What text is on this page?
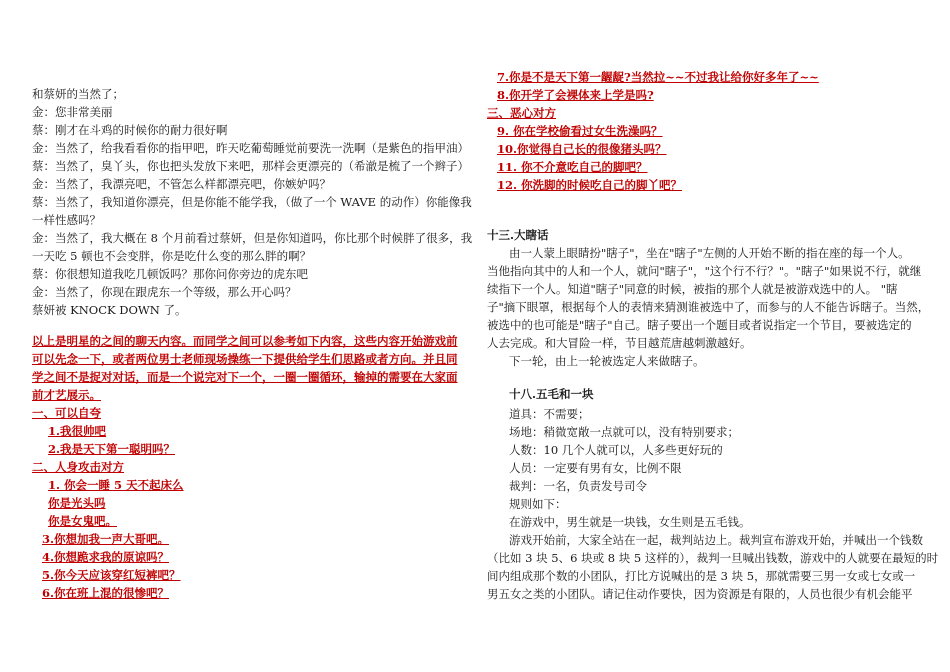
和蔡妍的当然了；
金：您非常美丽
蔡：刚才在斗鸡的时候你的耐力很好啊
金：当然了，给我看看你的指甲吧，昨天吃葡萄睡觉前要洗一洗啊（是紫色的指甲油）
蔡：当然了，臭丫头，你也把头发放下来吧，那样会更漂亮的（希澈是梳了一个辫子）
金：当然了，我漂亮吧，不管怎么样都漂亮吧，你嫉妒吗？
蔡：当然了，我知道你漂亮，但是你能不能学我，（做了一个 WAVE 的动作）你能像我
一样性感吗？
金：当然了，我大概在 8 个月前看过蔡妍，但是你知道吗，你比那个时候胖了很多，我
一天吃 5 顿也不会变胖，你是吃什么变的那么胖的啊？
蔡：你很想知道我吃几顿饭吗？那你问你旁边的虎东吧
金：当然了，你现在跟虎东一个等级，那么开心吗？
蔡妍被 KNOCK DOWN 了。
以上是明星的之间的聊天内容。而同学之间可以参考如下内容，这些内容开始游戏前
可以先念一下，或者两位男士老师现场操练一下提供给学生们思路或者方向。并且同
学之间不是捉对对话，而是一个说完对下一个，一圈一圈循环，输掉的需要在大家面
前才艺展示。
一、可以自夸
1.我很帅吧
2.我是天下第一聪明吗？
二、人身攻击对方
1. 你会一睡 5 天不起床么
你是光头吗
你是女鬼吧。
3.你想加我一声大哥吧。
4.你想跪求我的原谅吗？
5.你今天应该穿红短裤吧？
6.你在班上混的很惨吧？
7.你是不是天下第一龌龊?当然拉~~不过我让给你好多年了~~
8.你开学了会裸体来上学是吗?
三、恶心对方
9. 你在学校偷看过女生洗澡吗？
10.你觉得自己长的很像猪头吗？
11. 你不介意吃自己的脚吧？
12. 你洗脚的时候吃自己的脚丫吧？
十三.大瞎话
由一人蒙上眼睛扮"瞎子"，坐在"瞎子"左侧的人开始不断的指在座的每一个人。
当他指向其中的人和一个人，就问"瞎子"，"这个行不行？"。"瞎子"如果说不行，就继
续指下一个人。知道"瞎子"同意的时候，被指的那个人就是被游戏选中的人。 "瞎
子"摘下眼罩，根据每个人的表情来猜测谁被选中了，而参与的人不能告诉瞎子。当然，
被选中的也可能是"瞎子"自己。瞎子要出一个题目或者说指定一个节目，要被选定的
人去完成。和大冒险一样，节目越荒唐越刺激越好。
下一轮，由上一轮被选定人来做瞎子。
十八.五毛和一块
道具：不需要；
场地：稍微宽敞一点就可以，没有特别要求；
人数：10 几个人就可以，人多些更好玩的
人员：一定要有男有女，比例不限
裁判：一名，负责发号司令
规则如下：
在游戏中，男生就是一块钱，女生则是五毛钱。
游戏开始前，大家全站在一起，裁判站边上。裁判宣布游戏开始，并喊出一个钱数
（比如 3 块 5、6 块或 8 块 5 这样的），裁判一旦喊出钱数，游戏中的人就要在最短的时
间内组成那个数的小团队，打比方说喊出的是 3 块 5，那就需要三男一女或七女或一
男五女之类的小团队。请记住动作要快，因为资源是有限的，人员也很少有机会能平
